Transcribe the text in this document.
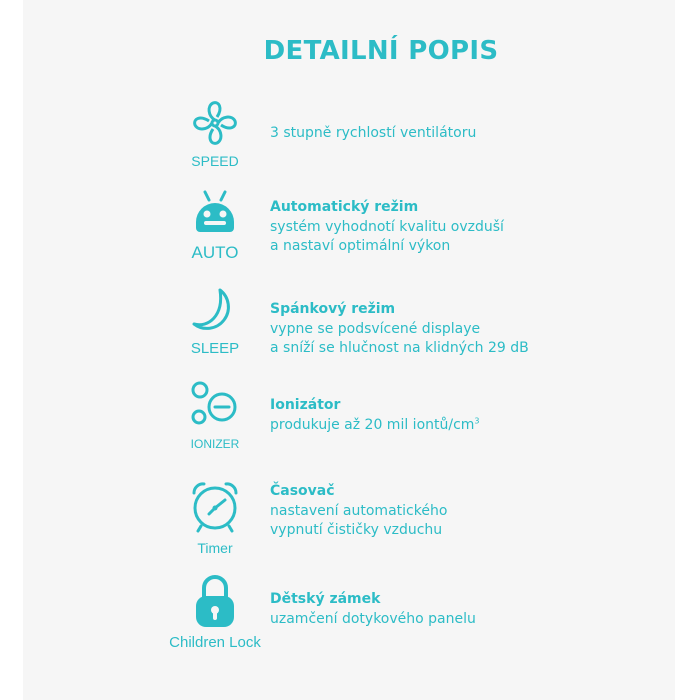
DETAILNÍ POPIS
SPEED
3 stupně rychlostí ventilátoru
AUTO
Automatický režim
systém vyhodnotí kvalitu ovzduší
a nastaví optimální výkon
SLEEP
Spánkový režim
vypne se podsvícené displaye
a sníží se hlučnost na klidných 29 dB
IONIZER
Ionizátor
produkuje až 20 mil iontů/$cm^3$
Timer
Časovač
nastavení automatického
vypnutí čističky vzduchu
Children Lock
Dětský zámek
uzamčení dotykového panelu
